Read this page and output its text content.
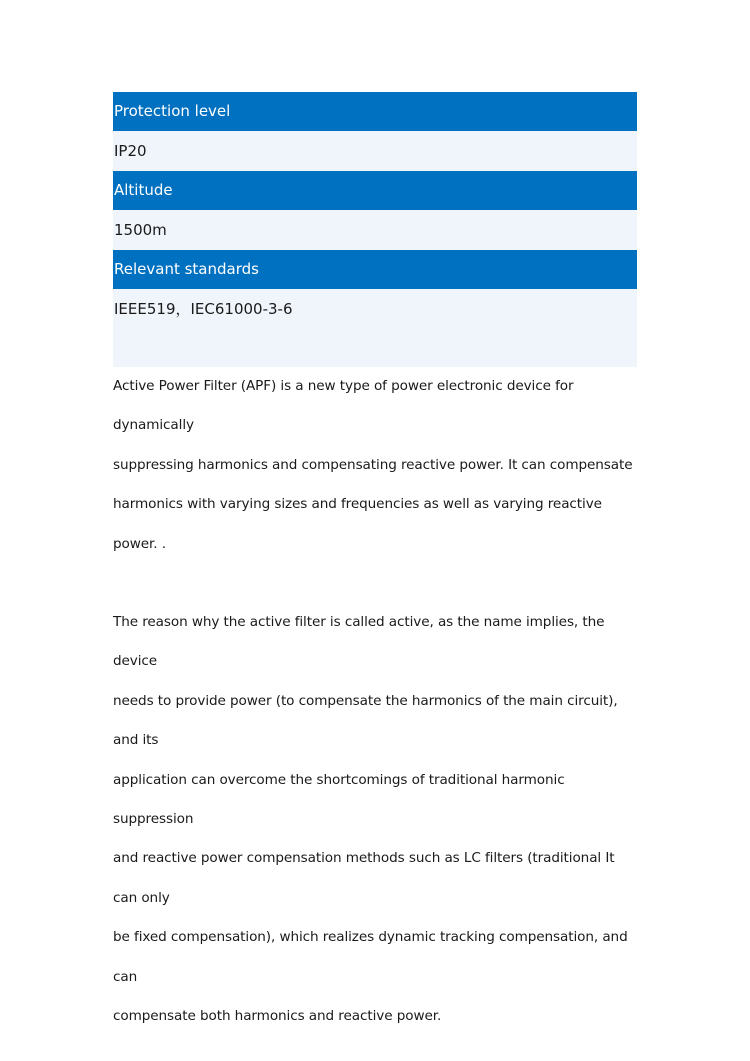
Protection level
IP20
Altitude
1500m
Relevant standards
IEEE519，IEC61000-3-6
Active Power Filter (APF) is a new type of power electronic device for dynamically
suppressing harmonics and compensating reactive power. It can compensate
harmonics with varying sizes and frequencies as well as varying reactive power. .
The reason why the active filter is called active, as the name implies, the device
needs to provide power (to compensate the harmonics of the main circuit), and its
application can overcome the shortcomings of traditional harmonic suppression
and reactive power compensation methods such as LC filters (traditional It can only
be fixed compensation), which realizes dynamic tracking compensation, and can
compensate both harmonics and reactive power.
